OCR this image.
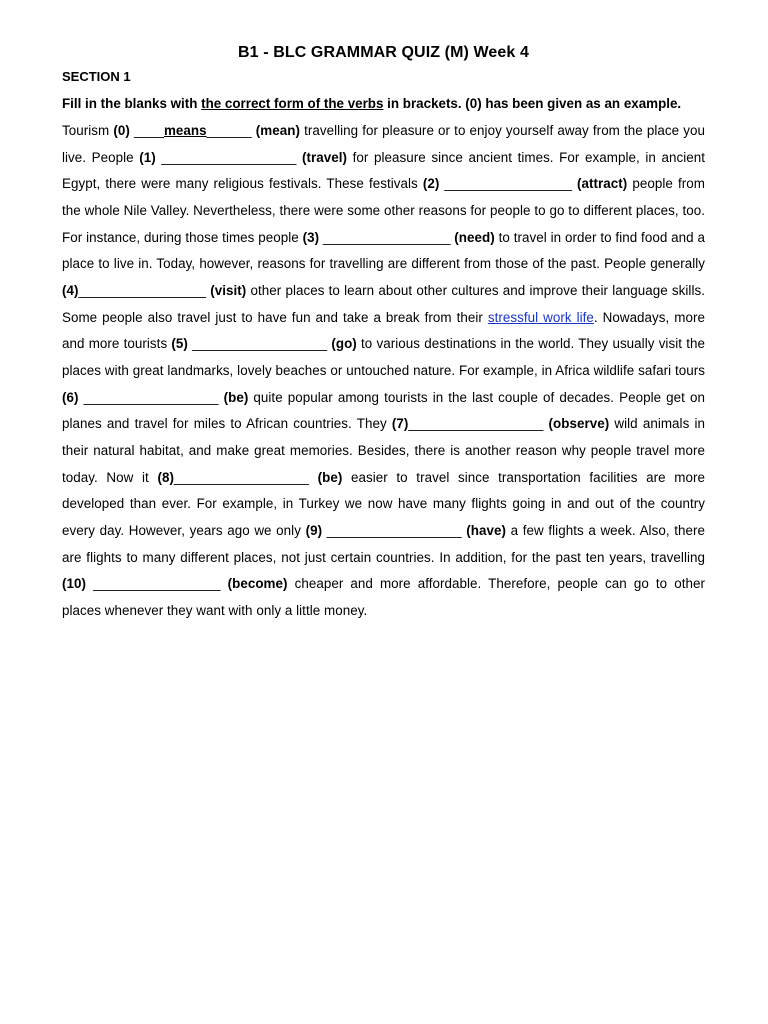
B1 - BLC GRAMMAR QUIZ (M) Week 4
SECTION 1
Fill in the blanks with the correct form of the verbs in brackets. (0) has been given as an example.
Tourism (0) ____means______ (mean) travelling for pleasure or to enjoy yourself away from the place you live. People (1) __________________ (travel) for pleasure since ancient times. For example, in ancient Egypt, there were many religious festivals. These festivals (2) _________________ (attract) people from the whole Nile Valley. Nevertheless, there were some other reasons for people to go to different places, too. For instance, during those times people (3) _________________ (need) to travel in order to find food and a place to live in. Today, however, reasons for travelling are different from those of the past. People generally (4)_________________ (visit) other places to learn about other cultures and improve their language skills. Some people also travel just to have fun and take a break from their stressful work life. Nowadays, more and more tourists (5) __________________ (go) to various destinations in the world. They usually visit the places with great landmarks, lovely beaches or untouched nature. For example, in Africa wildlife safari tours (6) __________________ (be) quite popular among tourists in the last couple of decades. People get on planes and travel for miles to African countries. They (7)__________________ (observe) wild animals in their natural habitat, and make great memories. Besides, there is another reason why people travel more today. Now it (8)__________________ (be) easier to travel since transportation facilities are more developed than ever. For example, in Turkey we now have many flights going in and out of the country every day. However, years ago we only (9) __________________ (have) a few flights a week. Also, there are flights to many different places, not just certain countries. In addition, for the past ten years, travelling (10) _________________ (become) cheaper and more affordable. Therefore, people can go to other places whenever they want with only a little money.
